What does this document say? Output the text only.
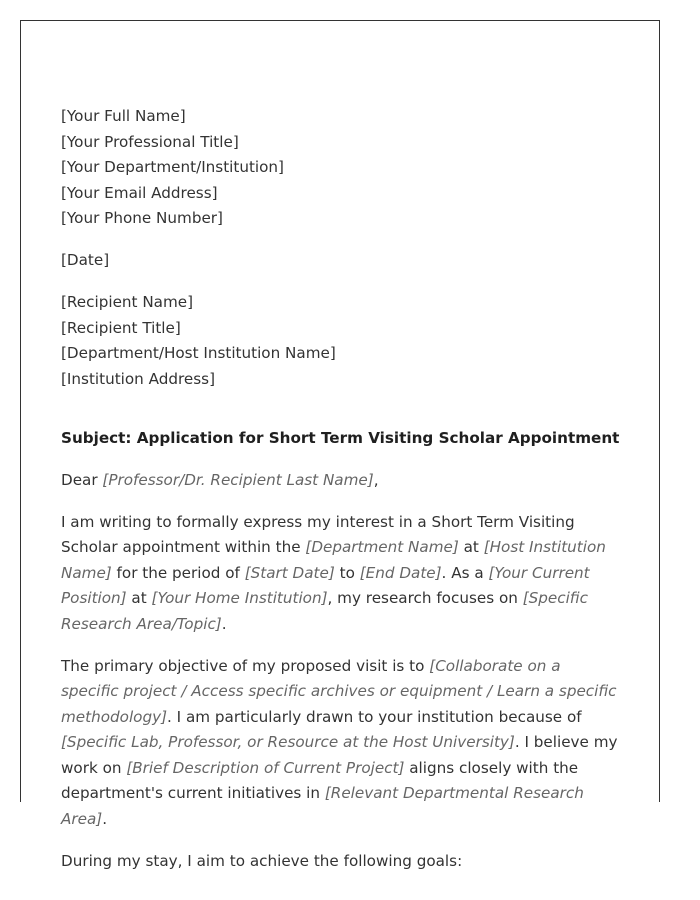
[Your Full Name]
[Your Professional Title]
[Your Department/Institution]
[Your Email Address]
[Your Phone Number]
[Date]
[Recipient Name]
[Recipient Title]
[Department/Host Institution Name]
[Institution Address]
Subject: Application for Short Term Visiting Scholar Appointment

Dear [Professor/Dr. Recipient Last Name],

I am writing to formally express my interest in a Short Term Visiting Scholar appointment within the [Department Name] at [Host Institution Name] for the period of [Start Date] to [End Date]. As a [Your Current Position] at [Your Home Institution], my research focuses on [Specific Research Area/Topic].

The primary objective of my proposed visit is to [Collaborate on a specific project / Access specific archives or equipment / Learn a specific methodology]. I am particularly drawn to your institution because of [Specific Lab, Professor, or Resource at the Host University]. I believe my work on [Brief Description of Current Project] aligns closely with the department's current initiatives in [Relevant Departmental Research Area].

During my stay, I aim to achieve the following goals:
